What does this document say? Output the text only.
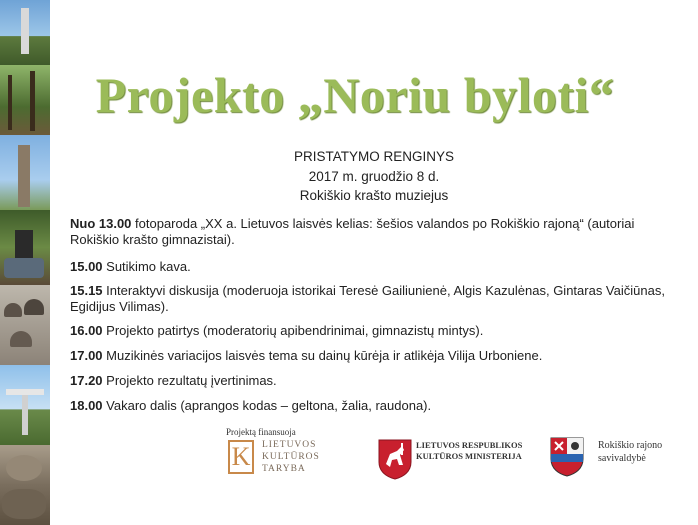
Projekto „Noriu byloti“
PRISTATYMO RENGINYS
2017 m. gruodžio 8 d.
Rokiškio krašto muziejus

Nuo 13.00 fotoparoda „XX a. Lietuvos laisvės kelias: šešios valandos po Rokiškio rajoną“ (autoriai Rokiškio krašto gimnazistai).

15.00 Sutikimo kava.

15.15 Interaktyvi diskusija (moderuoja istorikai Teresė Gailiunienė, Algis Kazulėnas, Gintaras Vaičiūnas, Egidijus Vilimas).

16.00 Projekto patirtys (moderatorių apibendrinimai, gimnazistų mintys).

17.00 Muzikinės variacijos laisvės tema su dainų kūrėja ir atlikėja Vilija Urboniene.

17.20 Projekto rezultatų įvertinimas.

18.00 Vakaro dalis (aprangos kodas – geltona, žalia, raudona).

Projektą finansuoja
K	LIETUVOS
KULTŪROS
TARYBA
LIETUVOS RESPUBLIKOS
KULTŪROS MINISTERIJA
Rokiškio rajono
savivaldybė
